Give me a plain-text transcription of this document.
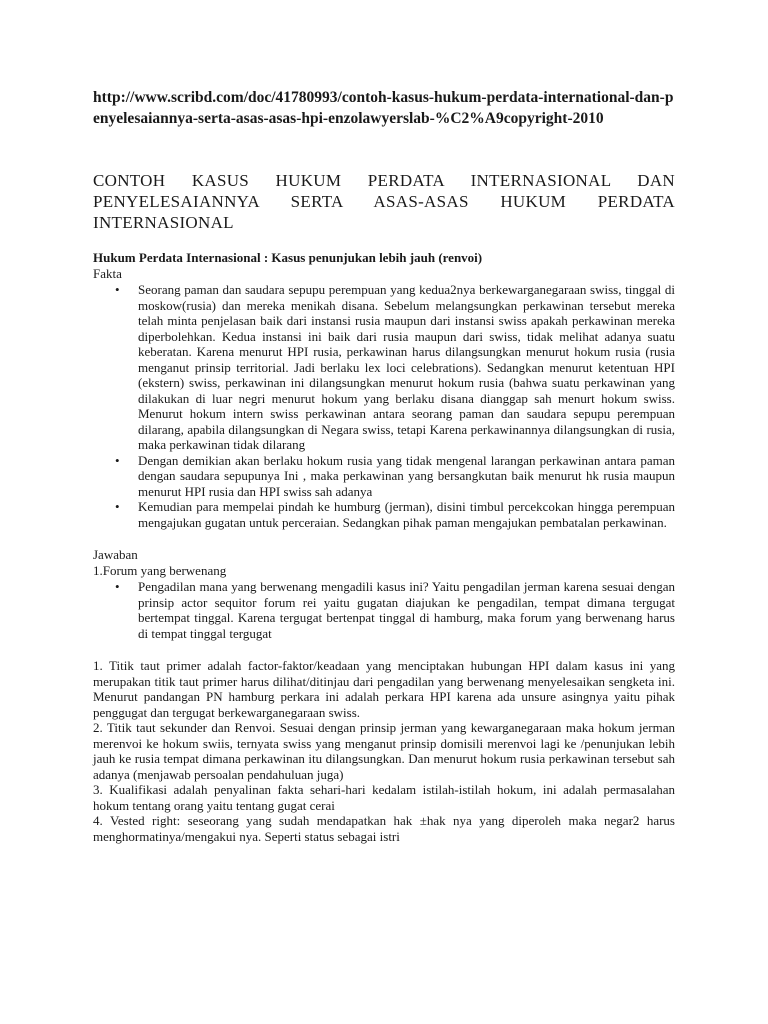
http://www.scribd.com/doc/41780993/contoh-kasus-hukum-perdata-international-dan-penyelesaiannya-serta-asas-asas-hpi-enzolawyerslab-%C2%A9copyright-2010

CONTOH KASUS HUKUM PERDATA INTERNASIONAL DAN PENYELESAIANNYA SERTA ASAS-ASAS HUKUM PERDATA INTERNASIONAL

Hukum Perdata Internasional : Kasus penunjukan lebih jauh (renvoi)

Fakta

• Seorang paman dan saudara sepupu perempuan yang kedua2nya berkewarganegaraan swiss, tinggal di moskow(rusia) dan mereka menikah disana. Sebelum melangsungkan perkawinan tersebut mereka telah minta penjelasan baik dari instansi rusia maupun dari instansi swiss apakah perkawinan mereka diperbolehkan. Kedua instansi ini baik dari rusia maupun dari swiss, tidak melihat adanya suatu keberatan. Karena menurut HPI rusia, perkawinan harus dilangsungkan menurut hokum rusia (rusia menganut prinsip territorial. Jadi berlaku lex loci celebrations). Sedangkan menurut ketentuan HPI (ekstern) swiss, perkawinan ini dilangsungkan menurut hokum rusia (bahwa suatu perkawinan yang dilakukan di luar negri menurut hokum yang berlaku disana dianggap sah menurt hokum swiss. Menurut hokum intern swiss perkawinan antara seorang paman dan saudara sepupu perempuan dilarang, apabila dilangsungkan di Negara swiss, tetapi Karena perkawinannya dilangsungkan di rusia, maka perkawinan tidak dilarang
• Dengan demikian akan berlaku hokum rusia yang tidak mengenal larangan perkawinan antara paman dengan saudara sepupunya Ini , maka perkawinan yang bersangkutan baik menurut hk rusia maupun menurut HPI rusia dan HPI swiss sah adanya
• Kemudian para mempelai pindah ke humburg (jerman), disini timbul percekcokan hingga perempuan mengajukan gugatan untuk perceraian. Sedangkan pihak paman mengajukan pembatalan perkawinan.

Jawaban

1.Forum yang berwenang

• Pengadilan mana yang berwenang mengadili kasus ini? Yaitu pengadilan jerman karena sesuai dengan prinsip actor sequitor forum rei yaitu gugatan diajukan ke pengadilan, tempat dimana tergugat bertempat tinggal. Karena tergugat bertenpat tinggal di hamburg, maka forum yang berwenang harus di tempat tinggal tergugat

1. Titik taut primer adalah factor-faktor/keadaan yang menciptakan hubungan HPI dalam kasus ini yang merupakan titik taut primer harus dilihat/ditinjau dari pengadilan yang berwenang menyelesaikan sengketa ini. Menurut pandangan PN hamburg perkara ini adalah perkara HPI karena ada unsure asingnya yaitu pihak penggugat dan tergugat berkewarganegaraan swiss.

2. Titik taut sekunder dan Renvoi. Sesuai dengan prinsip jerman yang kewarganegaraan maka hokum jerman merenvoi ke hokum swiis, ternyata swiss yang menganut prinsip domisili merenvoi lagi ke /penunjukan lebih jauh ke rusia tempat dimana perkawinan itu dilangsungkan. Dan menurut hokum rusia perkawinan tersebut sah adanya (menjawab persoalan pendahuluan juga)

3. Kualifikasi adalah penyalinan fakta sehari-hari kedalam istilah-istilah hokum, ini adalah permasalahan hokum tentang orang yaitu tentang gugat cerai

4. Vested right: seseorang yang sudah mendapatkan hak ±hak nya yang diperoleh maka negar2 harus menghormatinya/mengakui nya. Seperti status sebagai istri
